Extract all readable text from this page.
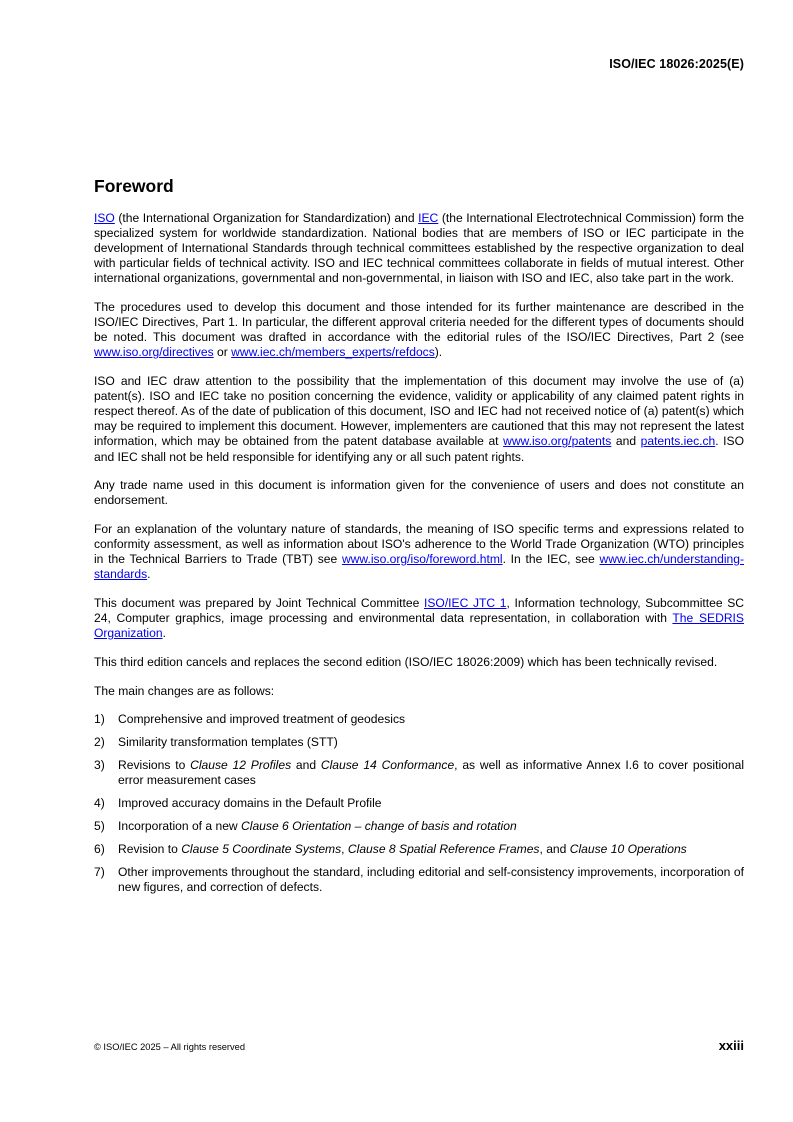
ISO/IEC 18026:2025(E)
Foreword

ISO (the International Organization for Standardization) and IEC (the International Electrotechnical Commission) form the specialized system for worldwide standardization. National bodies that are members of ISO or IEC participate in the development of International Standards through technical committees established by the respective organization to deal with particular fields of technical activity. ISO and IEC technical committees collaborate in fields of mutual interest. Other international organizations, governmental and non-governmental, in liaison with ISO and IEC, also take part in the work.

The procedures used to develop this document and those intended for its further maintenance are described in the ISO/IEC Directives, Part 1. In particular, the different approval criteria needed for the different types of documents should be noted. This document was drafted in accordance with the editorial rules of the ISO/IEC Directives, Part 2 (see www.iso.org/directives or www.iec.ch/members_experts/refdocs).

ISO and IEC draw attention to the possibility that the implementation of this document may involve the use of (a) patent(s). ISO and IEC take no position concerning the evidence, validity or applicability of any claimed patent rights in respect thereof. As of the date of publication of this document, ISO and IEC had not received notice of (a) patent(s) which may be required to implement this document. However, implementers are cautioned that this may not represent the latest information, which may be obtained from the patent database available at www.iso.org/patents and patents.iec.ch. ISO and IEC shall not be held responsible for identifying any or all such patent rights.

Any trade name used in this document is information given for the convenience of users and does not constitute an endorsement.

For an explanation of the voluntary nature of standards, the meaning of ISO specific terms and expressions related to conformity assessment, as well as information about ISO's adherence to the World Trade Organization (WTO) principles in the Technical Barriers to Trade (TBT) see www.iso.org/iso/foreword.html. In the IEC, see www.iec.ch/understanding-standards.

This document was prepared by Joint Technical Committee ISO/IEC JTC 1, Information technology, Subcommittee SC 24, Computer graphics, image processing and environmental data representation, in collaboration with The SEDRIS Organization.

This third edition cancels and replaces the second edition (ISO/IEC 18026:2009) which has been technically revised.

The main changes are as follows:

1) Comprehensive and improved treatment of geodesics
2) Similarity transformation templates (STT)
3) Revisions to Clause 12 Profiles and Clause 14 Conformance, as well as informative Annex I.6 to cover positional error measurement cases
4) Improved accuracy domains in the Default Profile
5) Incorporation of a new Clause 6 Orientation – change of basis and rotation
6) Revision to Clause 5 Coordinate Systems, Clause 8 Spatial Reference Frames, and Clause 10 Operations
7) Other improvements throughout the standard, including editorial and self-consistency improvements, incorporation of new figures, and correction of defects.
© ISO/IEC 2025 – All rights reserved	xxiii
